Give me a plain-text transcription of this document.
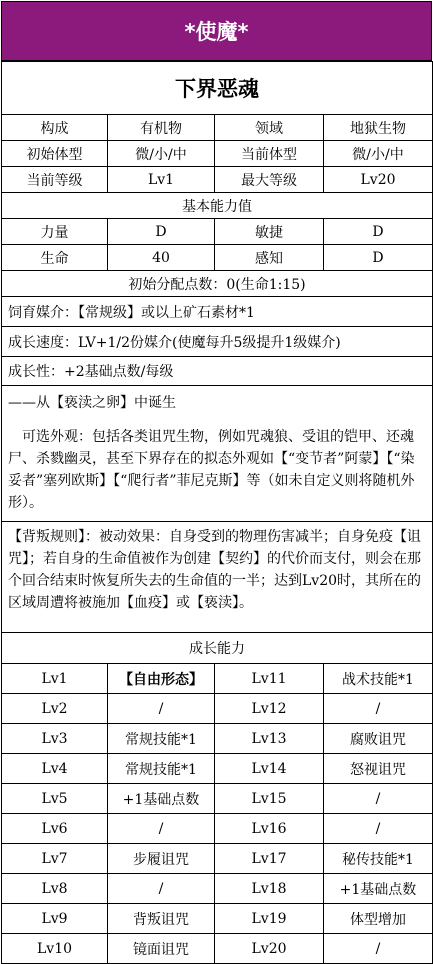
*使魔*
下界恶魂			
构成	有机物	领域	地狱生物
初始体型	微/小/中	当前体型	微/小/中
当前等级	Lv1	最大等级	Lv20
基本能力值			
力量	D	敏捷	D
生命	40	感知	D
初始分配点数：0(生命1:15)			
饲育媒介：【常规级】或以上矿石素材*1			
成长速度：LV+1/2份媒介(使魔每升5级提升1级媒介)			
成长性：+2基础点数/每级			

——从【亵渎之卵】中诞生
可选外观：包括各类诅咒生物，例如咒魂狼、受诅的铠甲、还魂尸、杀戮幽灵，甚至下界存在的拟态外观如【“变节者”阿蒙】【“染妥者”塞列欧斯】【“爬行者”菲尼克斯】等（如未自定义则将随机外形）。			

【背叛规则】：被动效果：自身受到的物理伤害减半；自身免疫【诅咒】；若自身的生命值被作为创建【契约】的代价而支付，则会在那个回合结束时恢复所失去的生命值的一半；达到Lv20时，其所在的区域周遭将被施加【血疫】或【亵渎】。			
成长能力			
Lv1	【自由形态】	Lv11	战术技能*1
Lv2	/	Lv12	/
Lv3	常规技能*1	Lv13	腐败诅咒
Lv4	常规技能*1	Lv14	怒视诅咒
Lv5	+1基础点数	Lv15	/
Lv6	/	Lv16	/
Lv7	步履诅咒	Lv17	秘传技能*1
Lv8	/	Lv18	+1基础点数
Lv9	背叛诅咒	Lv19	体型增加
Lv10	镜面诅咒	Lv20	/
